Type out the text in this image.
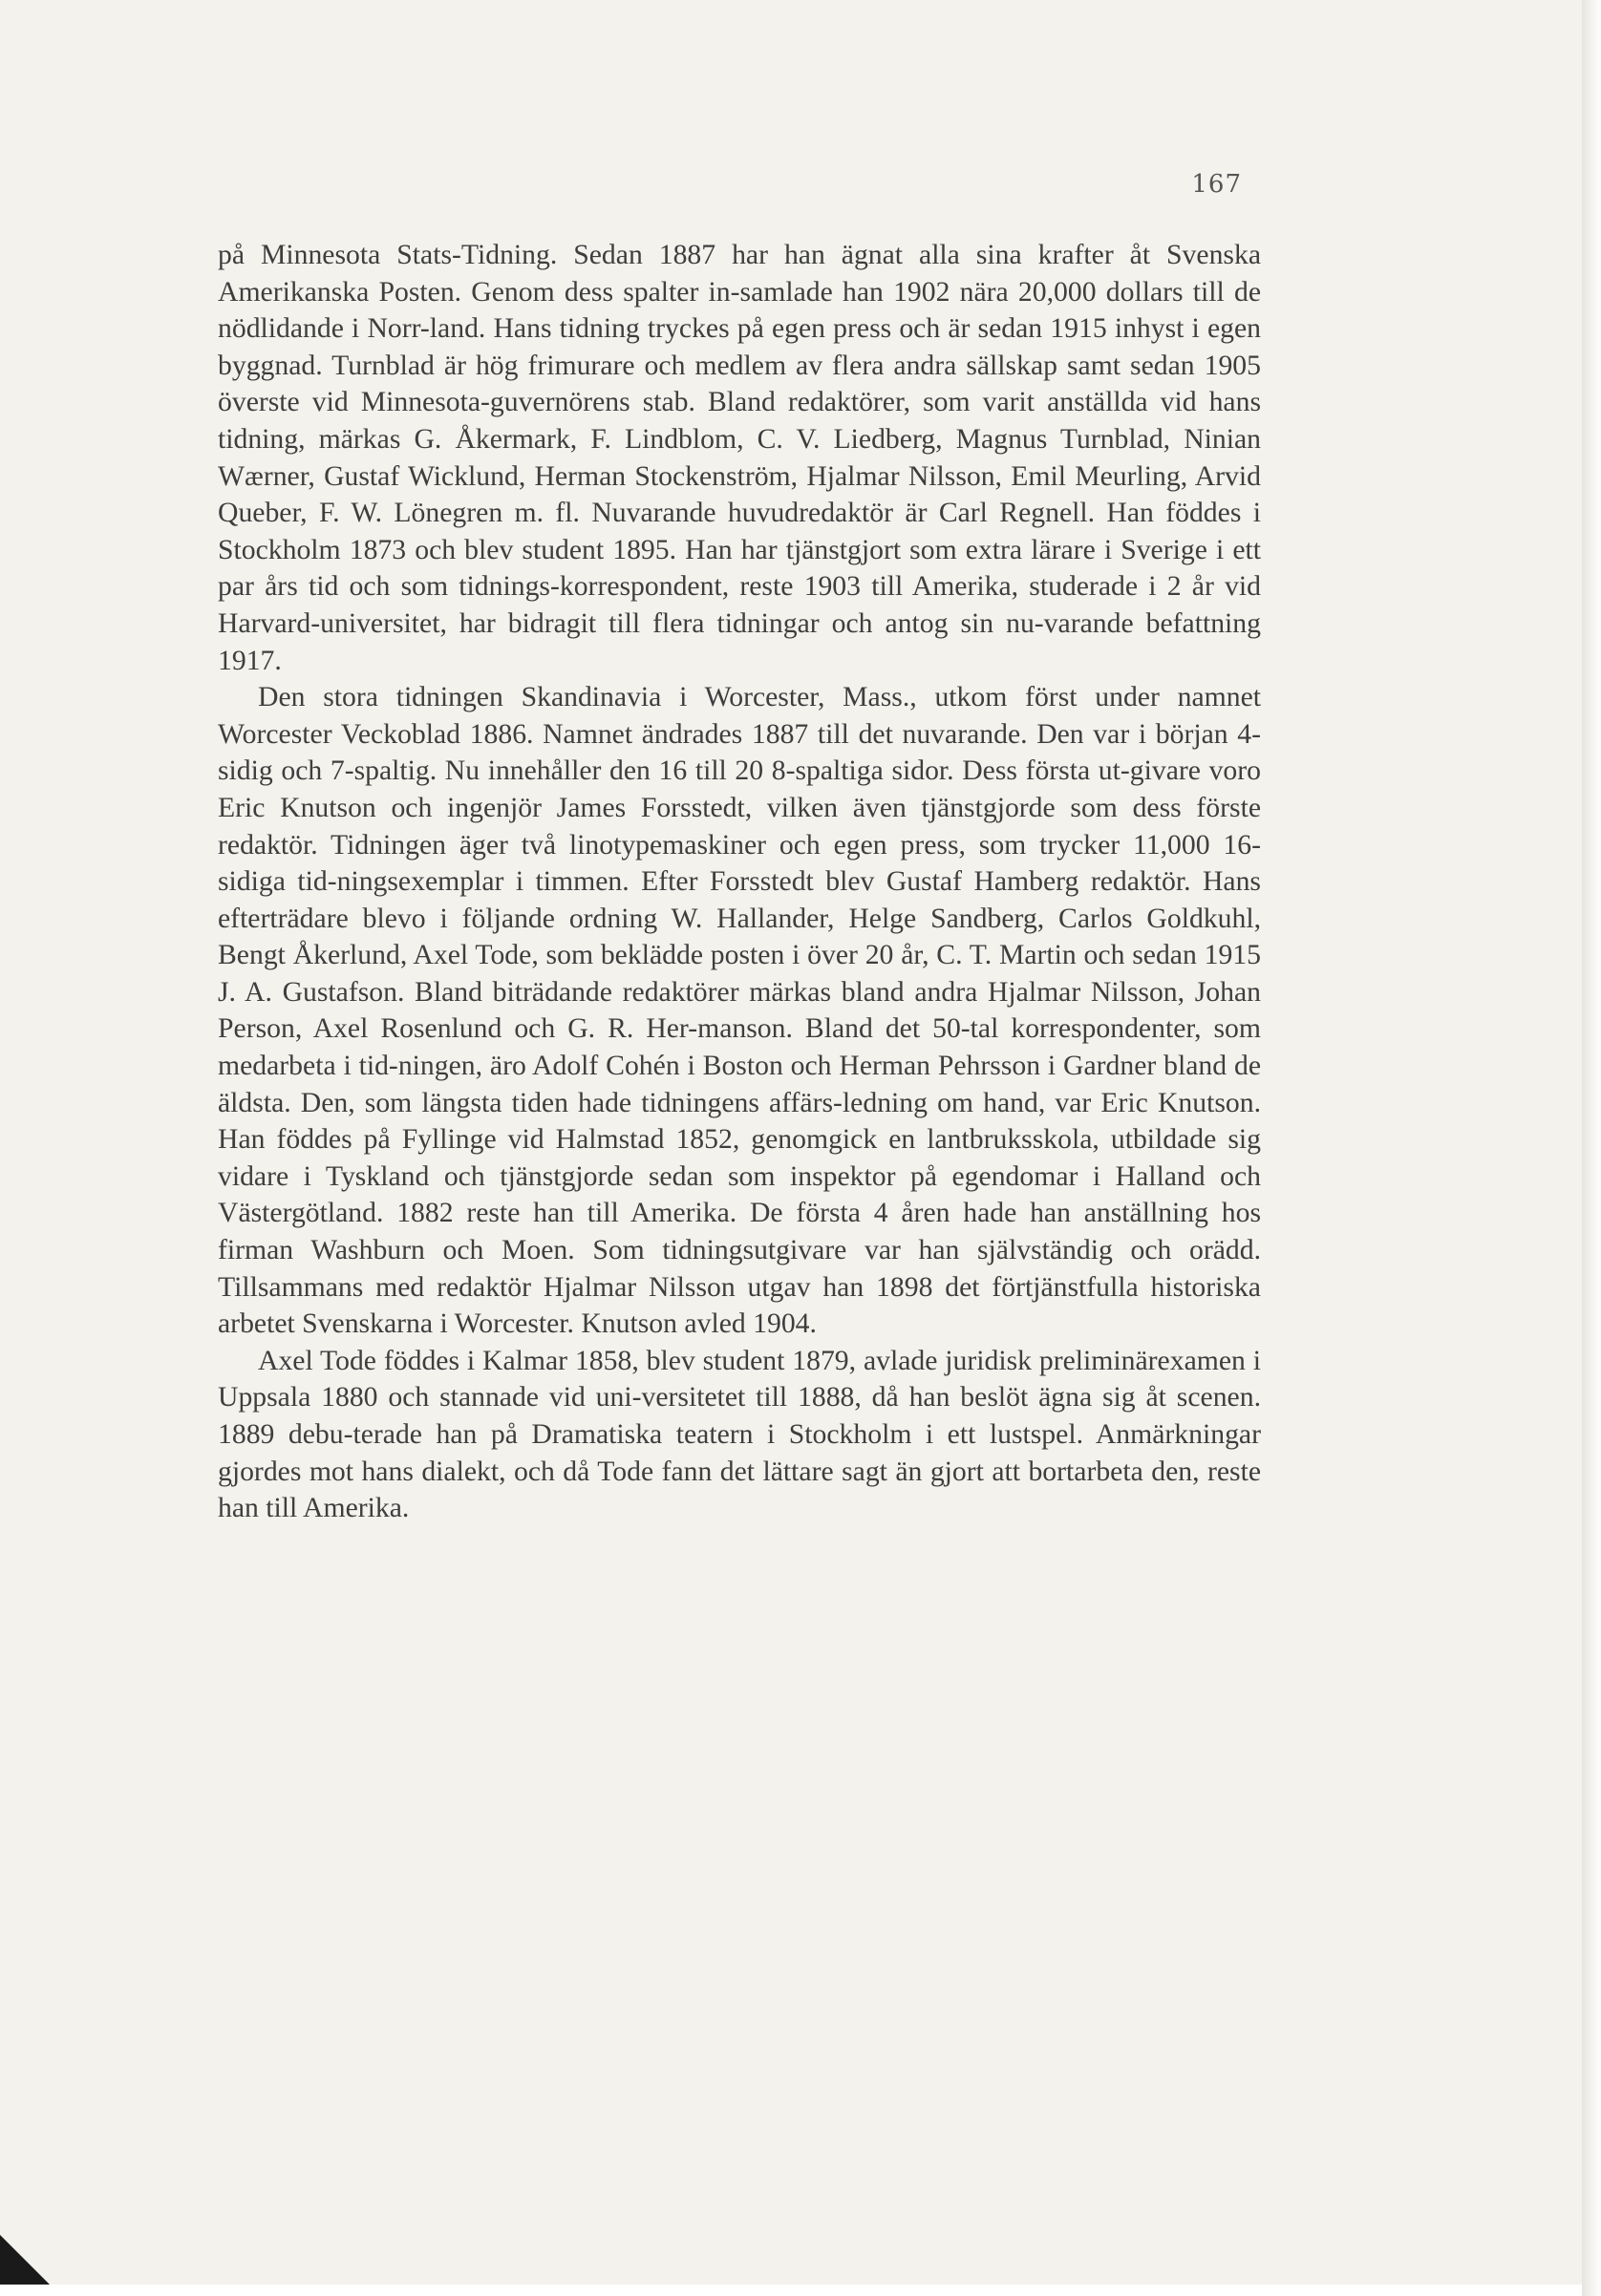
167

på Minnesota Stats-Tidning. Sedan 1887 har han ägnat alla sina krafter åt Svenska Amerikanska Posten. Genom dess spalter in-samlade han 1902 nära 20,000 dollars till de nödlidande i Norr-land. Hans tidning tryckes på egen press och är sedan 1915 inhyst i egen byggnad. Turnblad är hög frimurare och medlem av flera andra sällskap samt sedan 1905 överste vid Minnesota-guvernörens stab. Bland redaktörer, som varit anställda vid hans tidning, märkas G. Åkermark, F. Lindblom, C. V. Liedberg, Magnus Turnblad, Ninian Wærner, Gustaf Wicklund, Herman Stockenström, Hjalmar Nilsson, Emil Meurling, Arvid Queber, F. W. Lönegren m. fl. Nuvarande huvudredaktör är Carl Regnell. Han föddes i Stockholm 1873 och blev student 1895. Han har tjänstgjort som extra lärare i Sverige i ett par års tid och som tidnings-korrespondent, reste 1903 till Amerika, studerade i 2 år vid Harvard-universitet, har bidragit till flera tidningar och antog sin nu-varande befattning 1917.

Den stora tidningen Skandinavia i Worcester, Mass., utkom först under namnet Worcester Veckoblad 1886. Namnet ändrades 1887 till det nuvarande. Den var i början 4-sidig och 7-spaltig. Nu innehåller den 16 till 20 8-spaltiga sidor. Dess första ut-givare voro Eric Knutson och ingenjör James Forsstedt, vilken även tjänstgjorde som dess förste redaktör. Tidningen äger två linotypemaskiner och egen press, som trycker 11,000 16-sidiga tid-ningsexemplar i timmen. Efter Forsstedt blev Gustaf Hamberg redaktör. Hans efterträdare blevo i följande ordning W. Hallander, Helge Sandberg, Carlos Goldkuhl, Bengt Åkerlund, Axel Tode, som beklädde posten i över 20 år, C. T. Martin och sedan 1915 J. A. Gustafson. Bland biträdande redaktörer märkas bland andra Hjalmar Nilsson, Johan Person, Axel Rosenlund och G. R. Her-manson. Bland det 50-tal korrespondenter, som medarbeta i tid-ningen, äro Adolf Cohén i Boston och Herman Pehrsson i Gardner bland de äldsta. Den, som längsta tiden hade tidningens affärs-ledning om hand, var Eric Knutson. Han föddes på Fyllinge vid Halmstad 1852, genomgick en lantbruksskola, utbildade sig vidare i Tyskland och tjänstgjorde sedan som inspektor på egendomar i Halland och Västergötland. 1882 reste han till Amerika. De första 4 åren hade han anställning hos firman Washburn och Moen. Som tidningsutgivare var han självständig och orädd. Tillsammans med redaktör Hjalmar Nilsson utgav han 1898 det förtjänstfulla historiska arbetet Svenskarna i Worcester. Knutson avled 1904.

Axel Tode föddes i Kalmar 1858, blev student 1879, avlade juridisk preliminärexamen i Uppsala 1880 och stannade vid uni-versitetet till 1888, då han beslöt ägna sig åt scenen. 1889 debu-terade han på Dramatiska teatern i Stockholm i ett lustspel. Anmärkningar gjordes mot hans dialekt, och då Tode fann det lättare sagt än gjort att bortarbeta den, reste han till Amerika.
